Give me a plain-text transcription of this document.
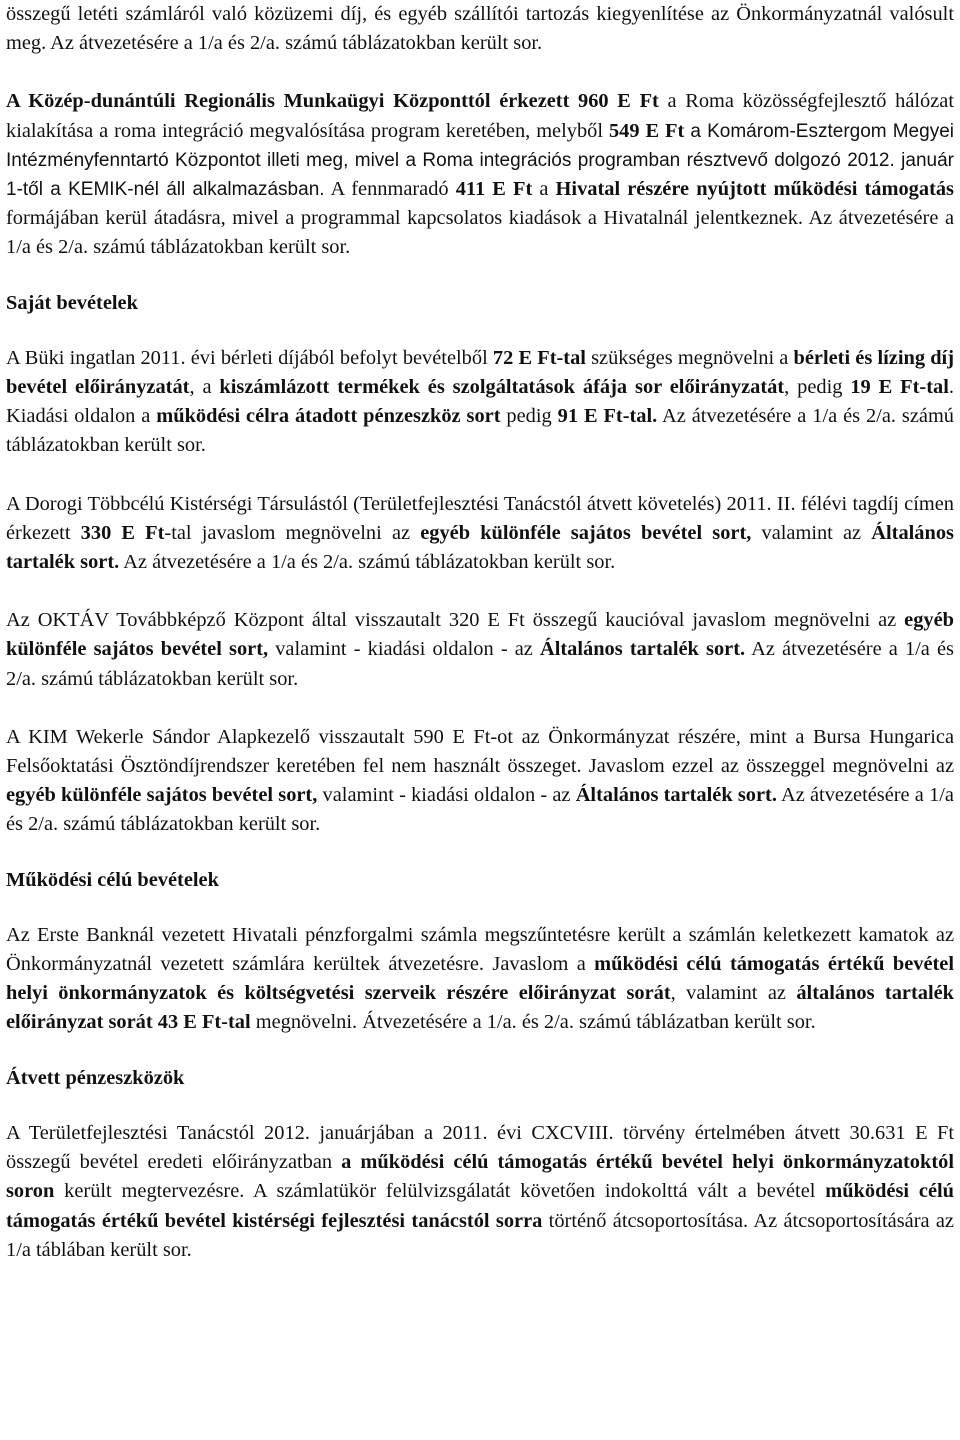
összegű letéti számláról való közüzemi díj, és egyéb szállítói tartozás kiegyenlítése az Önkormányzatnál valósult meg. Az átvezetésére a 1/a és 2/a. számú táblázatokban került sor.

A Közép-dunántúli Regionális Munkaügyi Központtól érkezett 960 E Ft a Roma közösségfejlesztő hálózat kialakítása a roma integráció megvalósítása program keretében, melyből 549 E Ft a Komárom-Esztergom Megyei Intézményfenntartó Központot illeti meg, mivel a Roma integrációs programban résztvevő dolgozó 2012. január 1-től a KEMIK-nél áll alkalmazásban. A fennmaradó 411 E Ft a Hivatal részére nyújtott működési támogatás formájában kerül átadásra, mivel a programmal kapcsolatos kiadások a Hivatalnál jelentkeznek. Az átvezetésére a 1/a és 2/a. számú táblázatokban került sor.

Saját bevételek

A Büki ingatlan 2011. évi bérleti díjából befolyt bevételből 72 E Ft-tal szükséges megnövelni a bérleti és lízing díj bevétel előirányzatát, a kiszámlázott termékek és szolgáltatások áfája sor előirányzatát, pedig 19 E Ft-tal. Kiadási oldalon a működési célra átadott pénzeszköz sort pedig 91 E Ft-tal. Az átvezetésére a 1/a és 2/a. számú táblázatokban került sor.

A Dorogi Többcélú Kistérségi Társulástól (Területfejlesztési Tanácstól átvett követelés) 2011. II. félévi tagdíj címen érkezett 330 E Ft-tal javaslom megnövelni az egyéb különféle sajátos bevétel sort, valamint az Általános tartalék sort. Az átvezetésére a 1/a és 2/a. számú táblázatokban került sor.

Az OKTÁV Továbbképző Központ által visszautalt 320 E Ft összegű kaucióval javaslom megnövelni az egyéb különféle sajátos bevétel sort, valamint - kiadási oldalon - az Általános tartalék sort. Az átvezetésére a 1/a és 2/a. számú táblázatokban került sor.

A KIM Wekerle Sándor Alapkezelő visszautalt 590 E Ft-ot az Önkormányzat részére, mint a Bursa Hungarica Felsőoktatási Ösztöndíjrendszer keretében fel nem használt összeget. Javaslom ezzel az összeggel megnövelni az egyéb különféle sajátos bevétel sort, valamint - kiadási oldalon - az Általános tartalék sort. Az átvezetésére a 1/a és 2/a. számú táblázatokban került sor.

Működési célú bevételek

Az Erste Banknál vezetett Hivatali pénzforgalmi számla megszűntetésre került a számlán keletkezett kamatok az Önkormányzatnál vezetett számlára kerültek átvezetésre. Javaslom a működési célú támogatás értékű bevétel helyi önkormányzatok és költségvetési szerveik részére előirányzat sorát, valamint az általános tartalék előirányzat sorát 43 E Ft-tal megnövelni. Átvezetésére a 1/a. és 2/a. számú táblázatban került sor.

Átvett pénzeszközök

A Területfejlesztési Tanácstól 2012. januárjában a 2011. évi CXCVIII. törvény értelmében átvett 30.631 E Ft összegű bevétel eredeti előirányzatban a működési célú támogatás értékű bevétel helyi önkormányzatoktól soron került megtervezésre. A számlatükör felülvizsgálatát követően indokolttá vált a bevétel működési célú támogatás értékű bevétel kistérségi fejlesztési tanácstól sorra történő átcsoportosítása. Az átcsoportosítására az 1/a táblában került sor.
